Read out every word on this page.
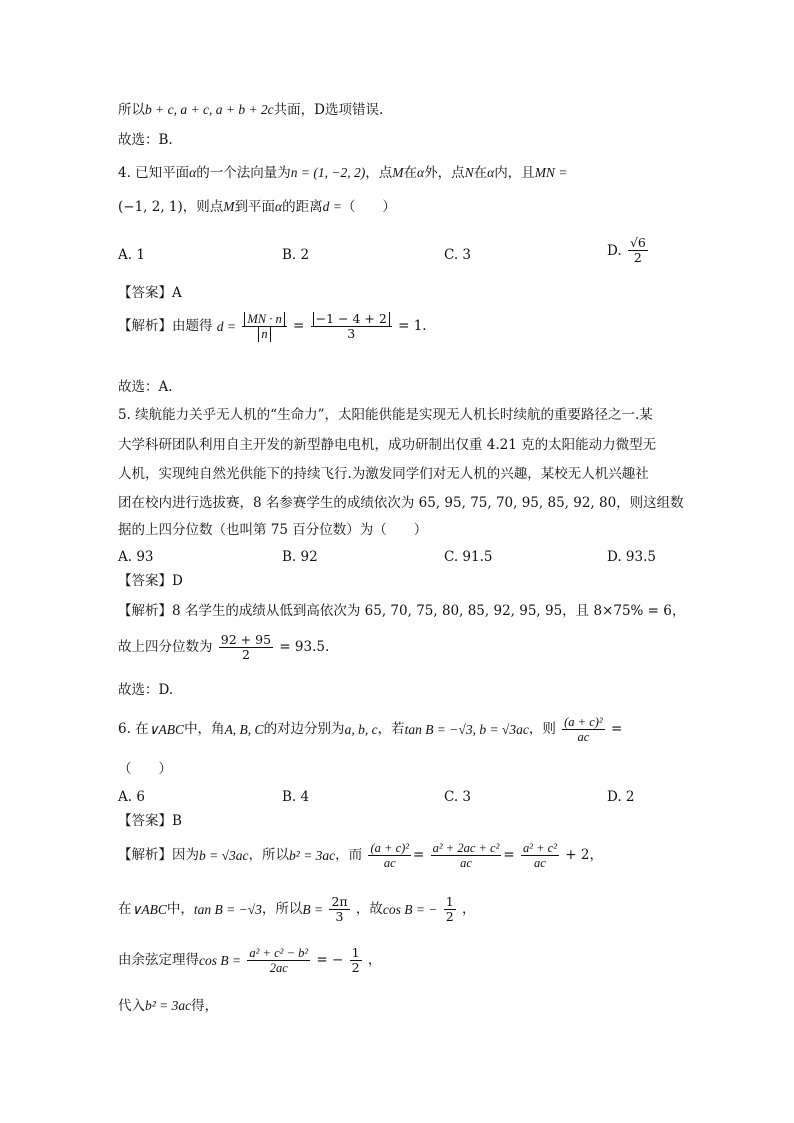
所以b + c, a + c, a + b + 2c共面，D选项错误.
故选：B.
4. 已知平面α的一个法向量为n = (1, −2, 2)，点M在α外，点N在α内，且MN =
(−1, 2, 1)，则点M到平面α的距离d =（　　）
A. 1	B. 2	C. 3	D. $\frac{√6}{2}$
【答案】A
【解析】由题得 $d = \frac{MN \cdot n}{n} = \frac{-1 - 4 + 2}{3} = 1$.
故选：A.
5. 续航能力关乎无人机的“生命力”，太阳能供能是实现无人机长时续航的重要路径之一.某
大学科研团队利用自主开发的新型静电电机，成功研制出仅重 4.21 克的太阳能动力微型无
人机，实现纯自然光供能下的持续飞行.为激发同学们对无人机的兴趣，某校无人机兴趣社
团在校内进行选拔赛，8 名参赛学生的成绩依次为 65, 95, 75, 70, 95, 85, 92, 80，则这组数
据的上四分位数（也叫第 75 百分位数）为（　　）
A. 93	B. 92	C. 91.5	D. 93.5
【答案】D
【解析】8 名学生的成绩从低到高依次为 65, 70, 75, 80, 85, 92, 95, 95，且 8×75% = 6，
故上四分位数为 $\frac{92 + 95}{2} = 93.5$.
故选：D.
6. 在∨ABC中，角A, B, C的对边分别为a, b, c，若tan B = −√3, b = √3ac，则 $\frac{\text{(a + c)²}}{ac}$ =
（　　）
A. 6	B. 4	C. 3	D. 2
【答案】B
【解析】因为b = √3ac，所以b² = 3ac，而 $\frac{\text{(a + c)²}}{ac} = \frac{\text{a² + 2ac + c²}}{ac} = \frac{\text{a² + c²}}{ac} + 2$，
在∨ABC中，tan B = −√3，所以$B = \frac{2\pi}{3}$ ，故cos B = − $\frac{1}{2}$ ，
由余弦定理得$\cos B = \frac{\text{a² + c² − b²}}{2ac}$ = − $\frac{1}{2}$ ，
代入b² = 3ac得，
